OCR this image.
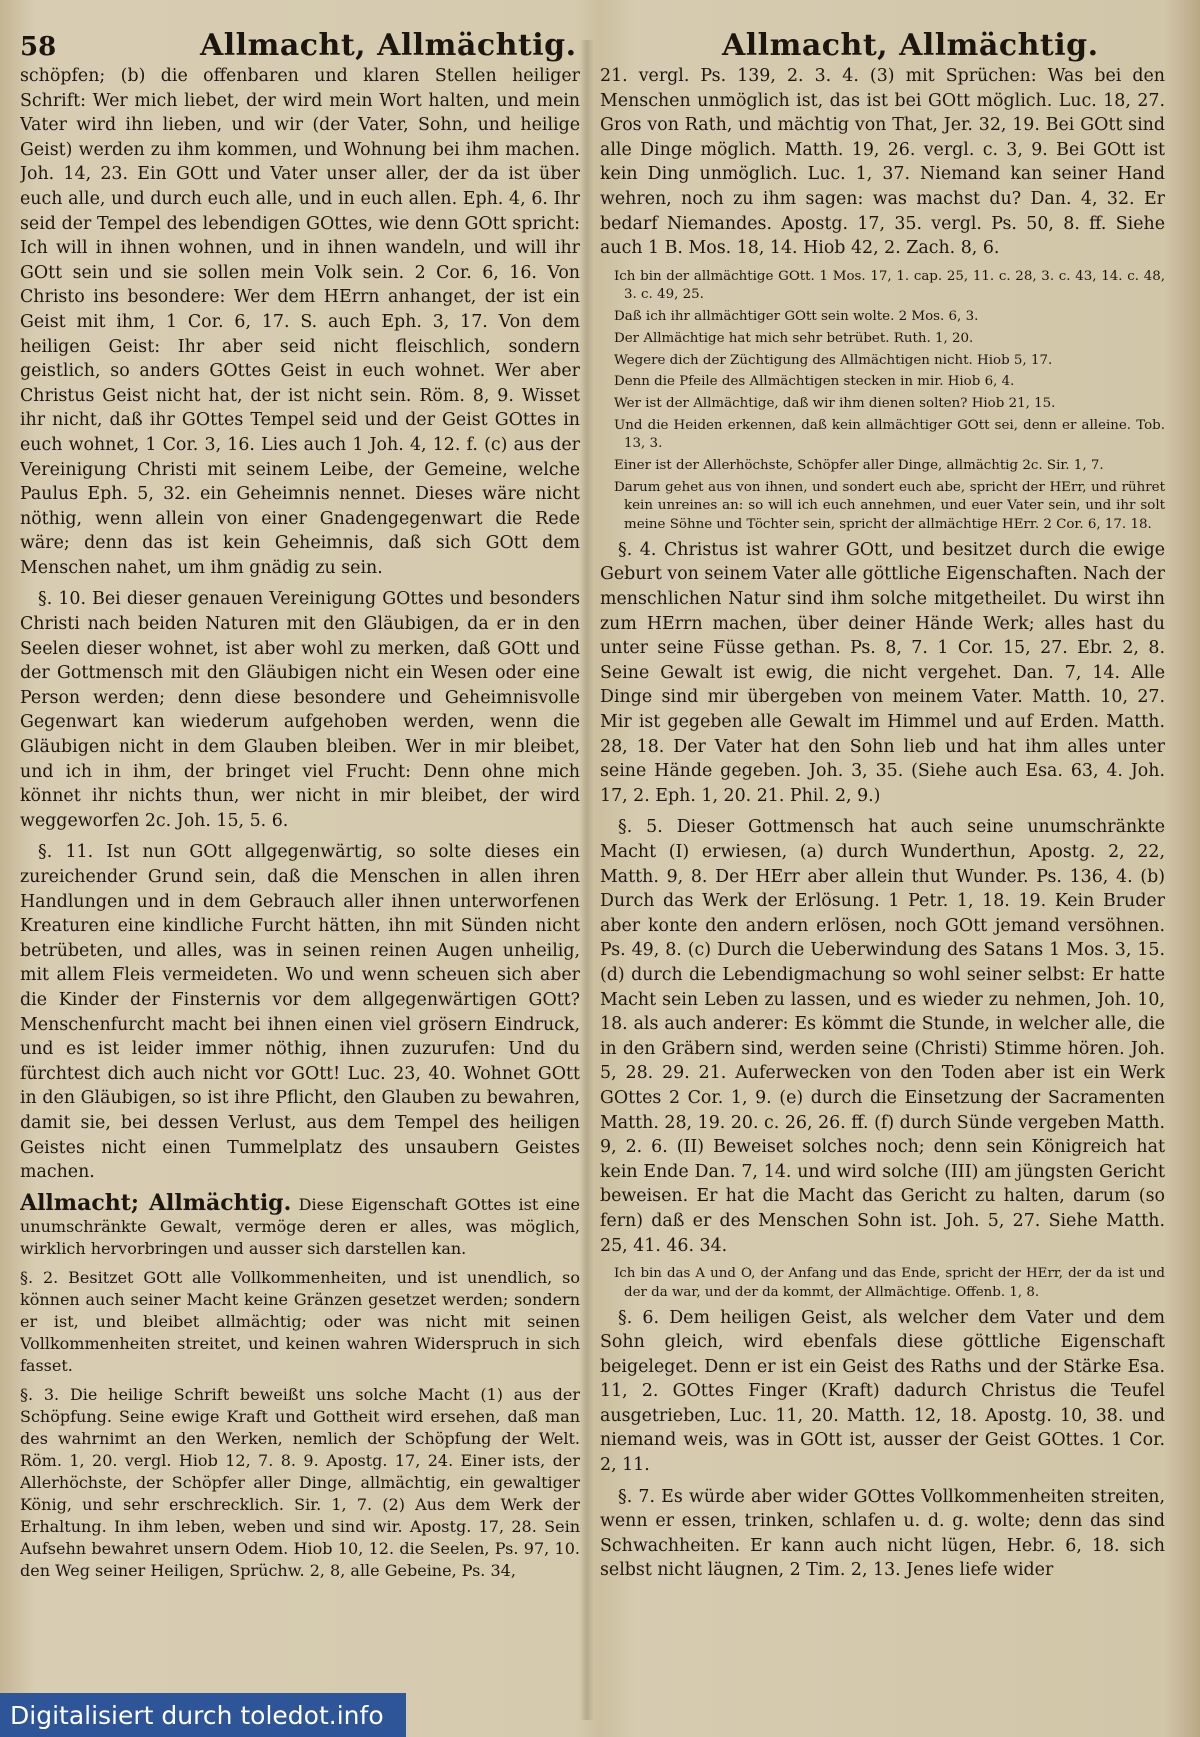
58	Allmacht, Allmächtig.	Allmacht, Allmächtig.

schöpfen; (b) die offenbaren und klaren Stellen heiliger Schrift: Wer mich liebet, der wird mein Wort halten, und mein Vater wird ihn lieben, und wir (der Vater, Sohn, und heilige Geist) werden zu ihm kommen, und Wohnung bei ihm machen. Joh. 14, 23. Ein GOtt und Vater unser aller, der da ist über euch alle, und durch euch alle, und in euch allen. Eph. 4, 6. Ihr seid der Tempel des lebendigen GOttes, wie denn GOtt spricht: Ich will in ihnen wohnen, und in ihnen wandeln, und will ihr GOtt sein und sie sollen mein Volk sein. 2 Cor. 6, 16. Von Christo ins besondere: Wer dem HErrn anhanget, der ist ein Geist mit ihm, 1 Cor. 6, 17. S. auch Eph. 3, 17. Von dem heiligen Geist: Ihr aber seid nicht fleischlich, sondern geistlich, so anders GOttes Geist in euch wohnet. Wer aber Christus Geist nicht hat, der ist nicht sein. Röm. 8, 9. Wisset ihr nicht, daß ihr GOttes Tempel seid und der Geist GOttes in euch wohnet, 1 Cor. 3, 16. Lies auch 1 Joh. 4, 12. f. (c) aus der Vereinigung Christi mit seinem Leibe, der Gemeine, welche Paulus Eph. 5, 32. ein Geheimnis nennet. Dieses wäre nicht nöthig, wenn allein von einer Gnadengegenwart die Rede wäre; denn das ist kein Geheimnis, daß sich GOtt dem Menschen nahet, um ihm gnädig zu sein.

§. 10. Bei dieser genauen Vereinigung GOttes und besonders Christi nach beiden Naturen mit den Gläubigen, da er in den Seelen dieser wohnet, ist aber wohl zu merken, daß GOtt und der Gottmensch mit den Gläubigen nicht ein Wesen oder eine Person werden; denn diese besondere und Geheimnisvolle Gegenwart kan wiederum aufgehoben werden, wenn die Gläubigen nicht in dem Glauben bleiben. Wer in mir bleibet, und ich in ihm, der bringet viel Frucht: Denn ohne mich könnet ihr nichts thun, wer nicht in mir bleibet, der wird weggeworfen 2c. Joh. 15, 5. 6.

§. 11. Ist nun GOtt allgegenwärtig, so solte dieses ein zureichender Grund sein, daß die Menschen in allen ihren Handlungen und in dem Gebrauch aller ihnen unterworfenen Kreaturen eine kindliche Furcht hätten, ihn mit Sünden nicht betrübeten, und alles, was in seinen reinen Augen unheilig, mit allem Fleis vermeideten. Wo und wenn scheuen sich aber die Kinder der Finsternis vor dem allgegenwärtigen GOtt? Menschenfurcht macht bei ihnen einen viel grösern Eindruck, und es ist leider immer nöthig, ihnen zuzurufen: Und du fürchtest dich auch nicht vor GOtt! Luc. 23, 40. Wohnet GOtt in den Gläubigen, so ist ihre Pflicht, den Glauben zu bewahren, damit sie, bei dessen Verlust, aus dem Tempel des heiligen Geistes nicht einen Tummelplatz des unsaubern Geistes machen.

Allmacht; Allmächtig. Diese Eigenschaft GOttes ist eine unumschränkte Gewalt, vermöge deren er alles, was möglich, wirklich hervorbringen und ausser sich darstellen kan.

§. 2. Besitzet GOtt alle Vollkommenheiten, und ist unendlich, so können auch seiner Macht keine Gränzen gesetzet werden; sondern er ist, und bleibet allmächtig; oder was nicht mit seinen Vollkommenheiten streitet, und keinen wahren Widerspruch in sich fasset.

§. 3. Die heilige Schrift beweißt uns solche Macht (1) aus der Schöpfung. Seine ewige Kraft und Gottheit wird ersehen, daß man des wahrnimt an den Werken, nemlich der Schöpfung der Welt. Röm. 1, 20. vergl. Hiob 12, 7. 8. 9. Apostg. 17, 24. Einer ists, der Allerhöchste, der Schöpfer aller Dinge, allmächtig, ein gewaltiger König, und sehr erschrecklich. Sir. 1, 7. (2) Aus dem Werk der Erhaltung. In ihm leben, weben und sind wir. Apostg. 17, 28. Sein Aufsehn bewahret unsern Odem. Hiob 10, 12. die Seelen, Ps. 97, 10. den Weg seiner Heiligen, Sprüchw. 2, 8, alle Gebeine, Ps. 34,

21. vergl. Ps. 139, 2. 3. 4. (3) mit Sprüchen: Was bei den Menschen unmöglich ist, das ist bei GOtt möglich. Luc. 18, 27. Gros von Rath, und mächtig von That, Jer. 32, 19. Bei GOtt sind alle Dinge möglich. Matth. 19, 26. vergl. c. 3, 9. Bei GOtt ist kein Ding unmöglich. Luc. 1, 37. Niemand kan seiner Hand wehren, noch zu ihm sagen: was machst du? Dan. 4, 32. Er bedarf Niemandes. Apostg. 17, 35. vergl. Ps. 50, 8. ff. Siehe auch 1 B. Mos. 18, 14. Hiob 42, 2. Zach. 8, 6.

Ich bin der allmächtige GOtt. 1 Mos. 17, 1. cap. 25, 11. c. 28, 3. c. 43, 14. c. 48, 3. c. 49, 25.

Daß ich ihr allmächtiger GOtt sein wolte. 2 Mos. 6, 3.

Der Allmächtige hat mich sehr betrübet. Ruth. 1, 20.

Wegere dich der Züchtigung des Allmächtigen nicht. Hiob 5, 17.

Denn die Pfeile des Allmächtigen stecken in mir. Hiob 6, 4.

Wer ist der Allmächtige, daß wir ihm dienen solten? Hiob 21, 15.

Und die Heiden erkennen, daß kein allmächtiger GOtt sei, denn er alleine. Tob. 13, 3.

Einer ist der Allerhöchste, Schöpfer aller Dinge, allmächtig 2c. Sir. 1, 7.

Darum gehet aus von ihnen, und sondert euch abe, spricht der HErr, und rühret kein unreines an: so will ich euch annehmen, und euer Vater sein, und ihr solt meine Söhne und Töchter sein, spricht der allmächtige HErr. 2 Cor. 6, 17. 18.

§. 4. Christus ist wahrer GOtt, und besitzet durch die ewige Geburt von seinem Vater alle göttliche Eigenschaften. Nach der menschlichen Natur sind ihm solche mitgetheilet. Du wirst ihn zum HErrn machen, über deiner Hände Werk; alles hast du unter seine Füsse gethan. Ps. 8, 7. 1 Cor. 15, 27. Ebr. 2, 8. Seine Gewalt ist ewig, die nicht vergehet. Dan. 7, 14. Alle Dinge sind mir übergeben von meinem Vater. Matth. 10, 27. Mir ist gegeben alle Gewalt im Himmel und auf Erden. Matth. 28, 18. Der Vater hat den Sohn lieb und hat ihm alles unter seine Hände gegeben. Joh. 3, 35. (Siehe auch Esa. 63, 4. Joh. 17, 2. Eph. 1, 20. 21. Phil. 2, 9.)

§. 5. Dieser Gottmensch hat auch seine unumschränkte Macht (I) erwiesen, (a) durch Wunderthun, Apostg. 2, 22, Matth. 9, 8. Der HErr aber allein thut Wunder. Ps. 136, 4. (b) Durch das Werk der Erlösung. 1 Petr. 1, 18. 19. Kein Bruder aber konte den andern erlösen, noch GOtt jemand versöhnen. Ps. 49, 8. (c) Durch die Ueberwindung des Satans 1 Mos. 3, 15. (d) durch die Lebendigmachung so wohl seiner selbst: Er hatte Macht sein Leben zu lassen, und es wieder zu nehmen, Joh. 10, 18. als auch anderer: Es kömmt die Stunde, in welcher alle, die in den Gräbern sind, werden seine (Christi) Stimme hören. Joh. 5, 28. 29. 21. Auferwecken von den Toden aber ist ein Werk GOttes 2 Cor. 1, 9. (e) durch die Einsetzung der Sacramenten Matth. 28, 19. 20. c. 26, 26. ff. (f) durch Sünde vergeben Matth. 9, 2. 6. (II) Beweiset solches noch; denn sein Königreich hat kein Ende Dan. 7, 14. und wird solche (III) am jüngsten Gericht beweisen. Er hat die Macht das Gericht zu halten, darum (so fern) daß er des Menschen Sohn ist. Joh. 5, 27. Siehe Matth. 25, 41. 46. 34.

Ich bin das A und O, der Anfang und das Ende, spricht der HErr, der da ist und der da war, und der da kommt, der Allmächtige. Offenb. 1, 8.

§. 6. Dem heiligen Geist, als welcher dem Vater und dem Sohn gleich, wird ebenfals diese göttliche Eigenschaft beigeleget. Denn er ist ein Geist des Raths und der Stärke Esa. 11, 2. GOttes Finger (Kraft) dadurch Christus die Teufel ausgetrieben, Luc. 11, 20. Matth. 12, 18. Apostg. 10, 38. und niemand weis, was in GOtt ist, ausser der Geist GOttes. 1 Cor. 2, 11.

§. 7. Es würde aber wider GOttes Vollkommenheiten streiten, wenn er essen, trinken, schlafen u. d. g. wolte; denn das sind Schwachheiten. Er kann auch nicht lügen, Hebr. 6, 18. sich selbst nicht läugnen, 2 Tim. 2, 13. Jenes liefe wider

Digitalisiert durch toledot.info
